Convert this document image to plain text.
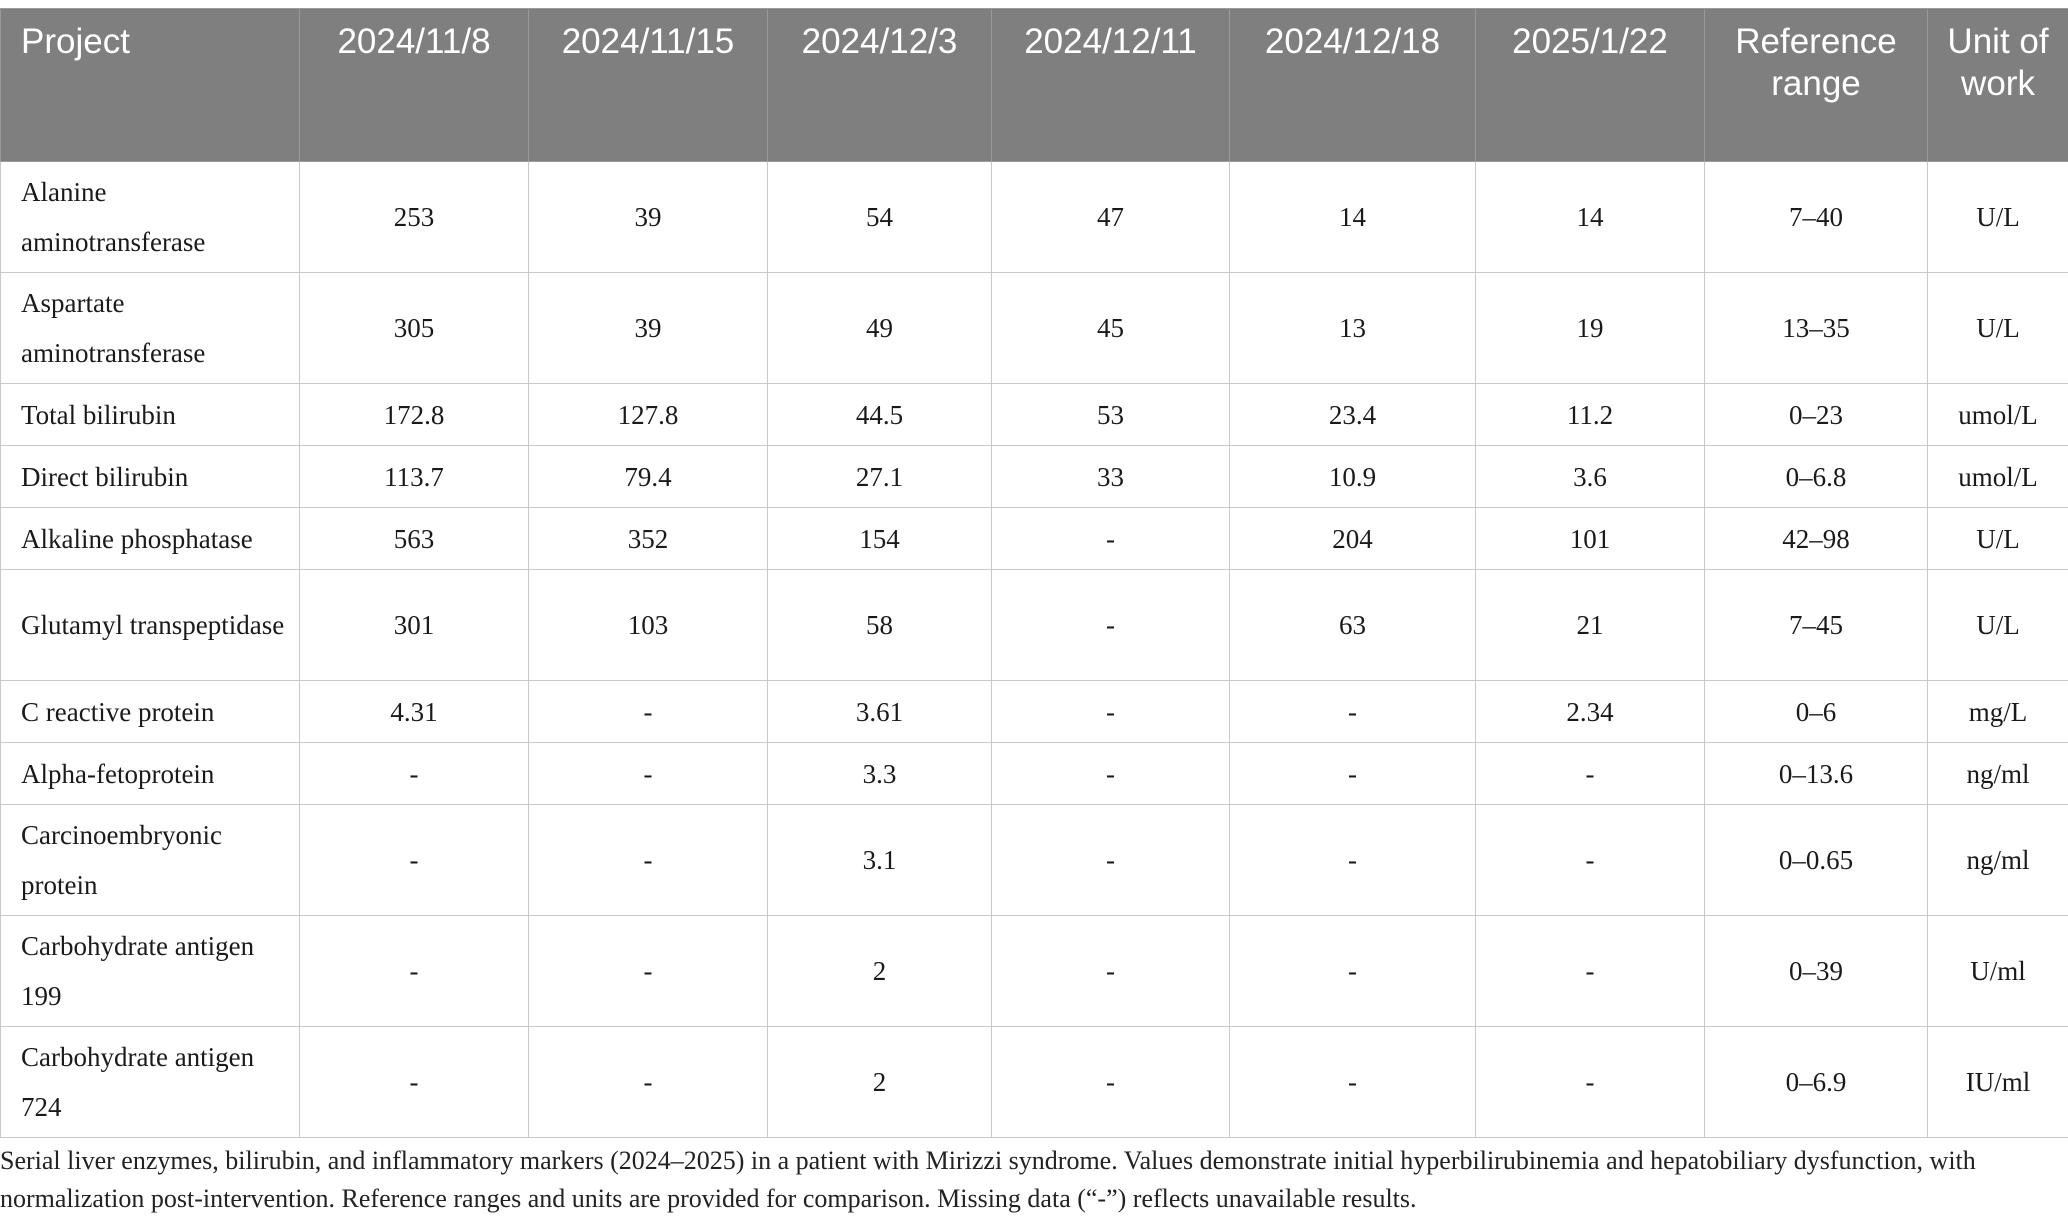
Project	2024/11/8	2024/11/15	2024/12/3	2024/12/11	2024/12/18	2025/1/22	Reference range	Unit of work
Alanine aminotransferase	253	39	54	47	14	14	7–40	U/L
Aspartate aminotransferase	305	39	49	45	13	19	13–35	U/L
Total bilirubin	172.8	127.8	44.5	53	23.4	11.2	0–23	umol/L
Direct bilirubin	113.7	79.4	27.1	33	10.9	3.6	0–6.8	umol/L
Alkaline phosphatase	563	352	154	-	204	101	42–98	U/L
Glutamyl transpeptidase	301	103	58	-	63	21	7–45	U/L
C reactive protein	4.31	-	3.61	-	-	2.34	0–6	mg/L
Alpha-fetoprotein	-	-	3.3	-	-	-	0–13.6	ng/ml
Carcinoembryonic protein	-	-	3.1	-	-	-	0–0.65	ng/ml
Carbohydrate antigen 199	-	-	2	-	-	-	0–39	U/ml
Carbohydrate antigen 724	-	-	2	-	-	-	0–6.9	IU/ml

Serial liver enzymes, bilirubin, and inflammatory markers (2024–2025) in a patient with Mirizzi syndrome. Values demonstrate initial hyperbilirubinemia and hepatobiliary dysfunction, with normalization post-intervention. Reference ranges and units are provided for comparison. Missing data (“-”) reflects unavailable results.
